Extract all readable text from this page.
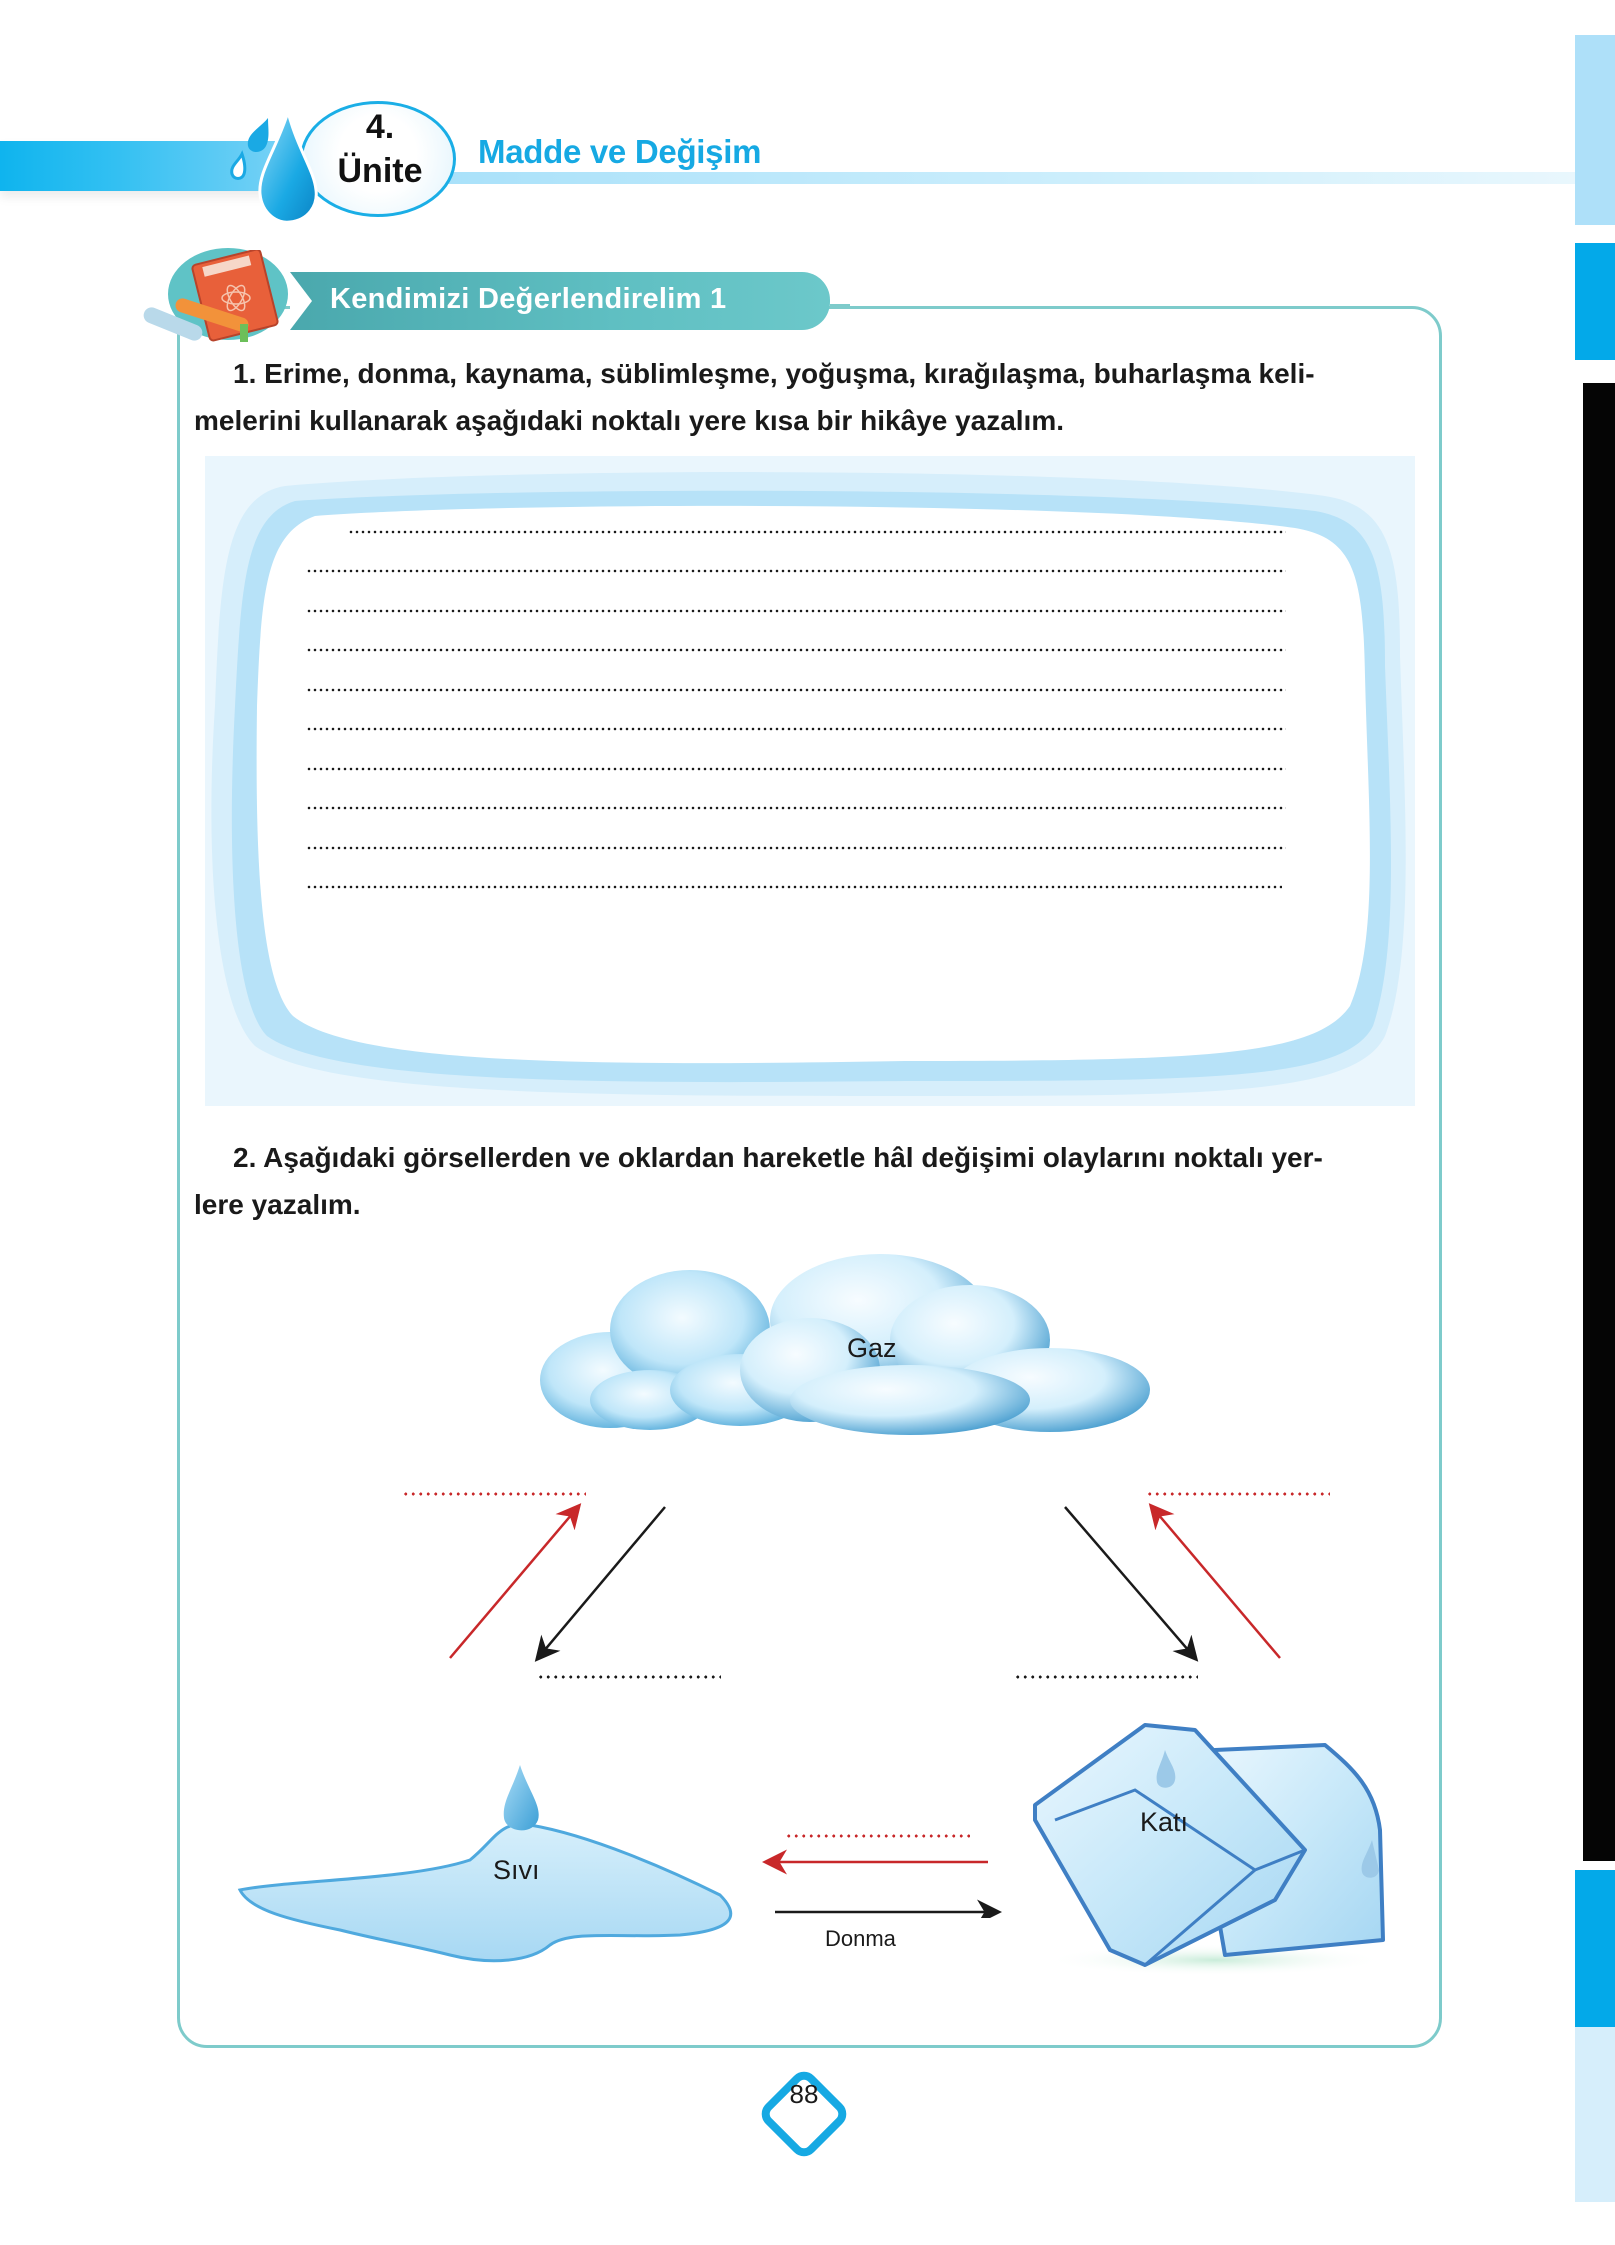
4.
Ünite
Madde ve Değişim
Kendimizi Değerlendirelim 1
1. Erime, donma, kaynama, süblimleşme, yoğuşma, kırağılaşma, buharlaşma keli-
melerini kullanarak aşağıdaki noktalı yere kısa bir hikâye yazalım.
2. Aşağıdaki görsellerden ve oklardan hareketle hâl değişimi olaylarını noktalı yer-
lere yazalım.
Gaz
Sıvı
Donma
Katı
88
